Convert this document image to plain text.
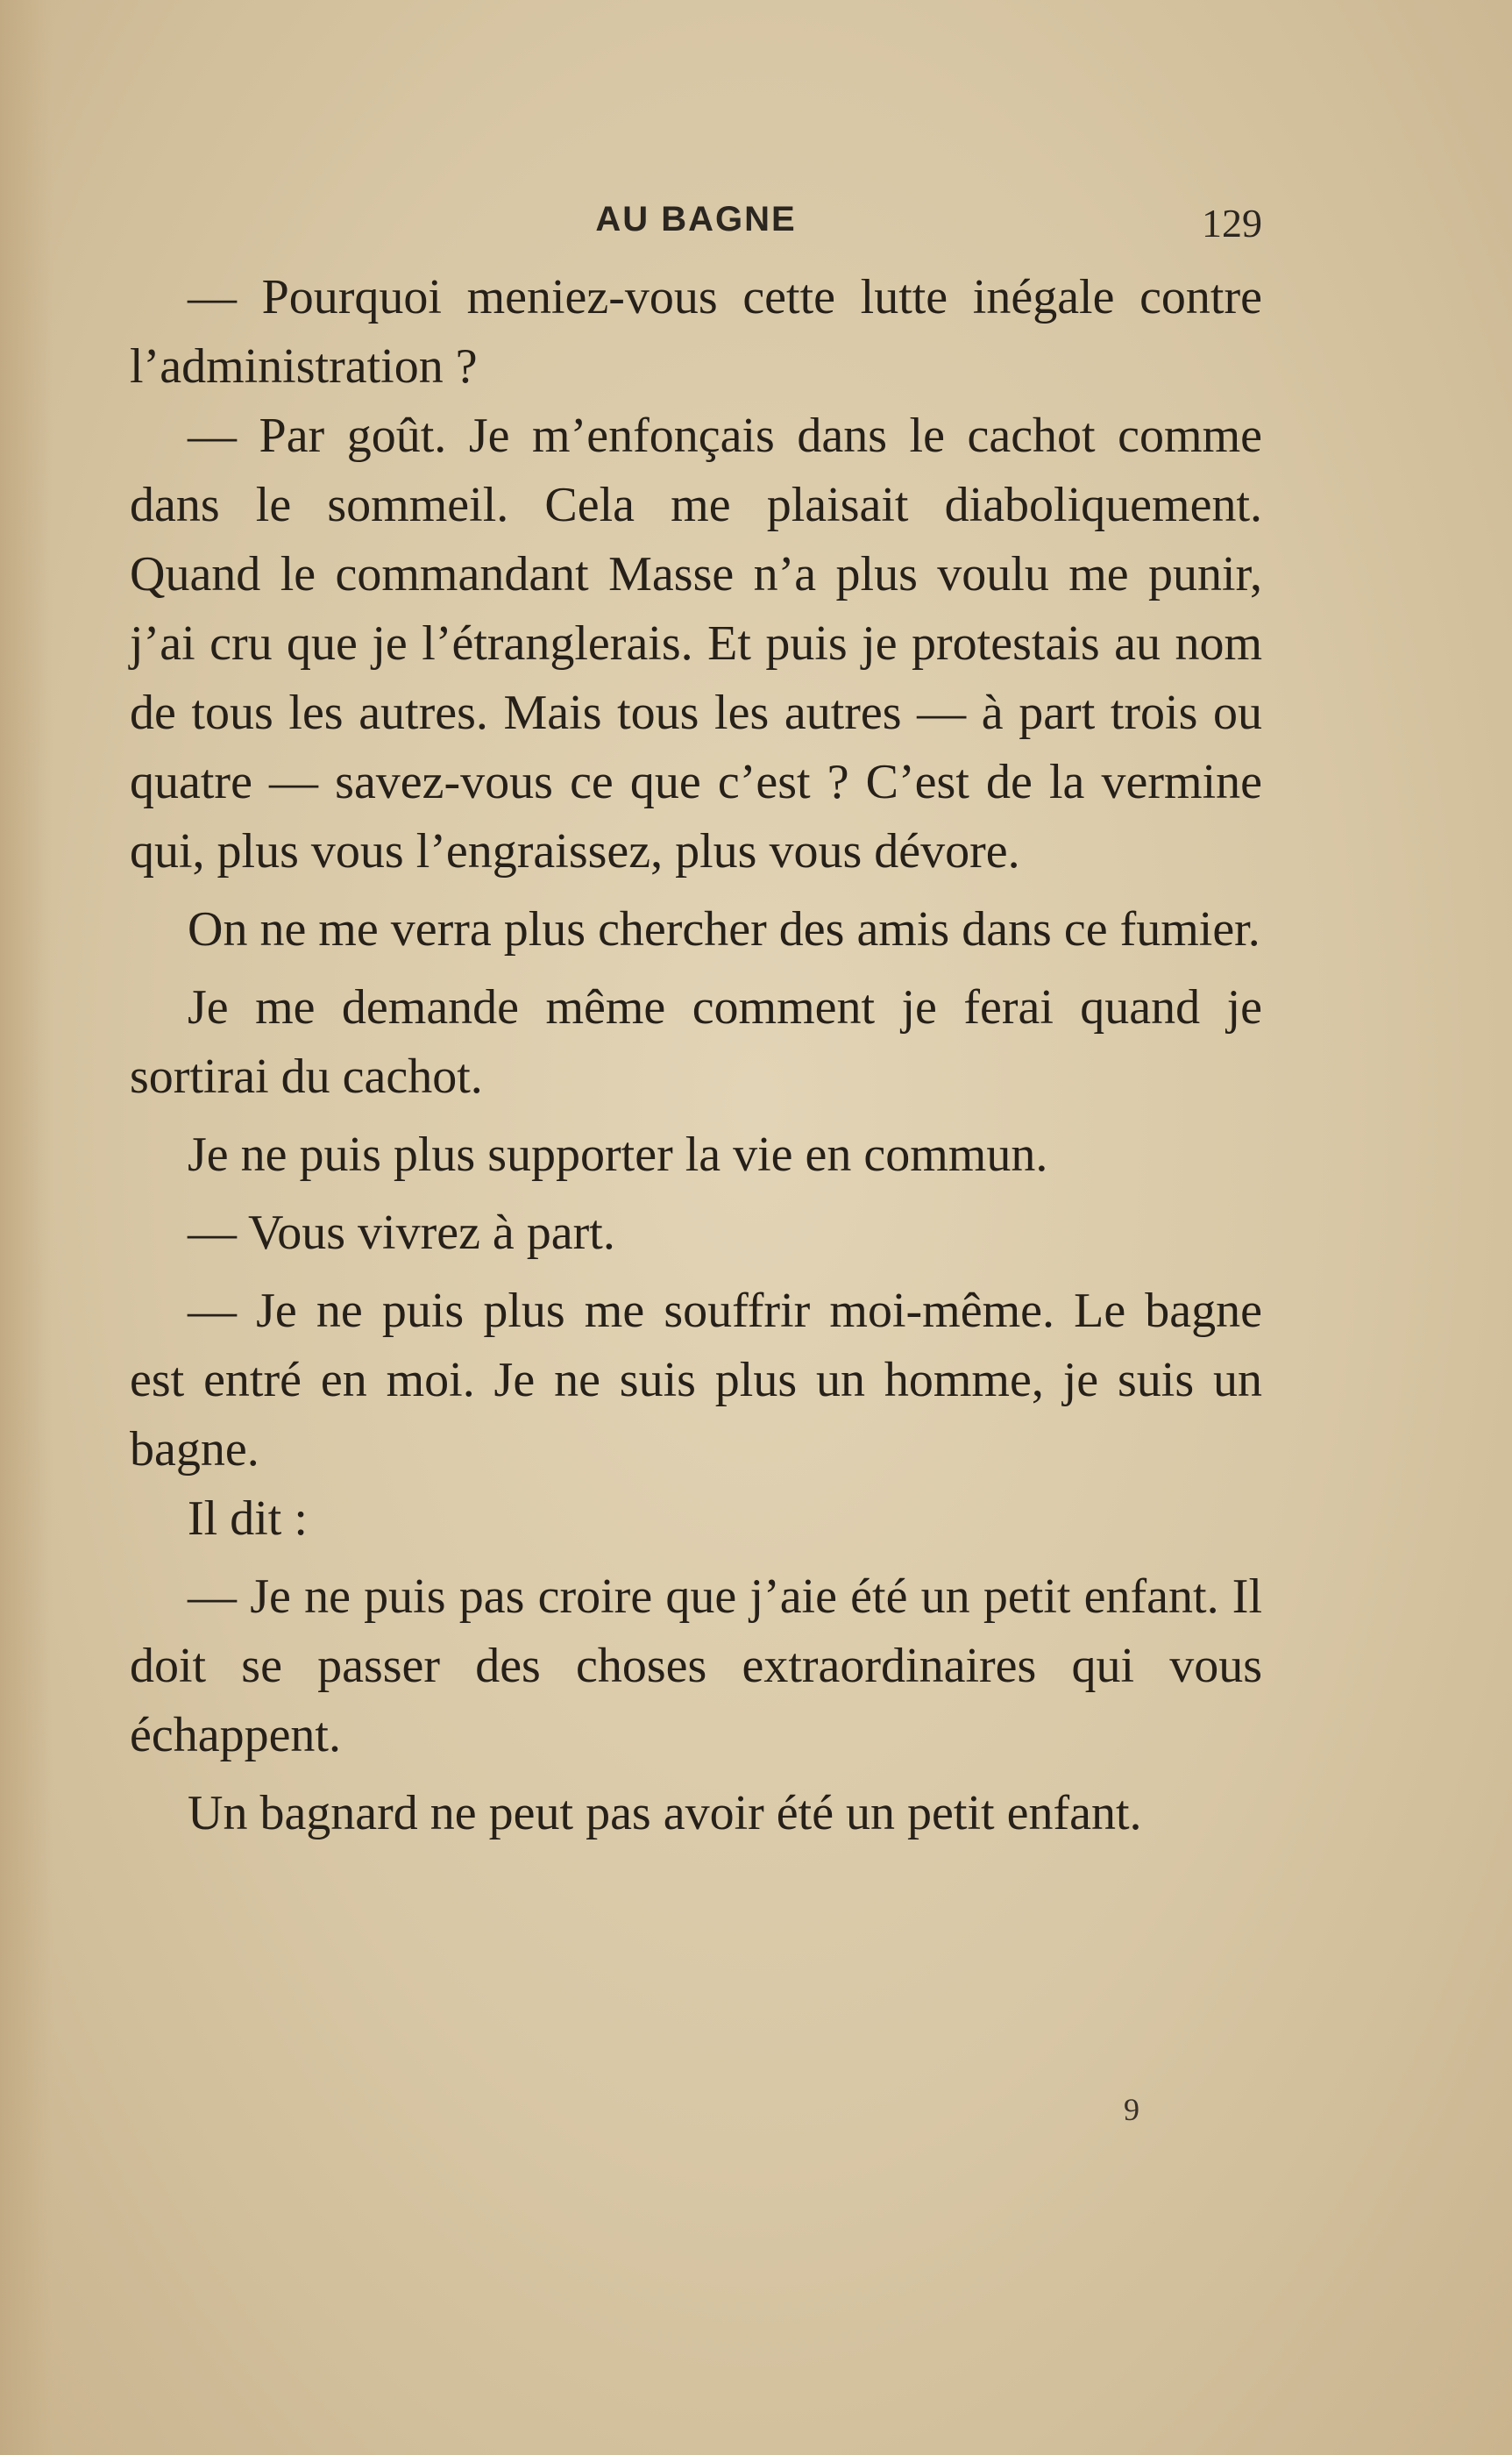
AU BAGNE	129

— Pourquoi meniez-vous cette lutte inégale contre l’administration ?

— Par goût. Je m’enfonçais dans le cachot comme dans le sommeil. Cela me plaisait diaboliquement. Quand le commandant Masse n’a plus voulu me punir, j’ai cru que je l’étranglerais. Et puis je protestais au nom de tous les autres. Mais tous les autres — à part trois ou quatre — savez-vous ce que c’est ? C’est de la vermine qui, plus vous l’engraissez, plus vous dévore.

On ne me verra plus chercher des amis dans ce fumier.

Je me demande même comment je ferai quand je sortirai du cachot.

Je ne puis plus supporter la vie en commun.

— Vous vivrez à part.

— Je ne puis plus me souffrir moi-même. Le bagne est entré en moi. Je ne suis plus un homme, je suis un bagne.

Il dit :

— Je ne puis pas croire que j’aie été un petit enfant. Il doit se passer des choses extraordinaires qui vous échappent.

Un bagnard ne peut pas avoir été un petit enfant.

9
